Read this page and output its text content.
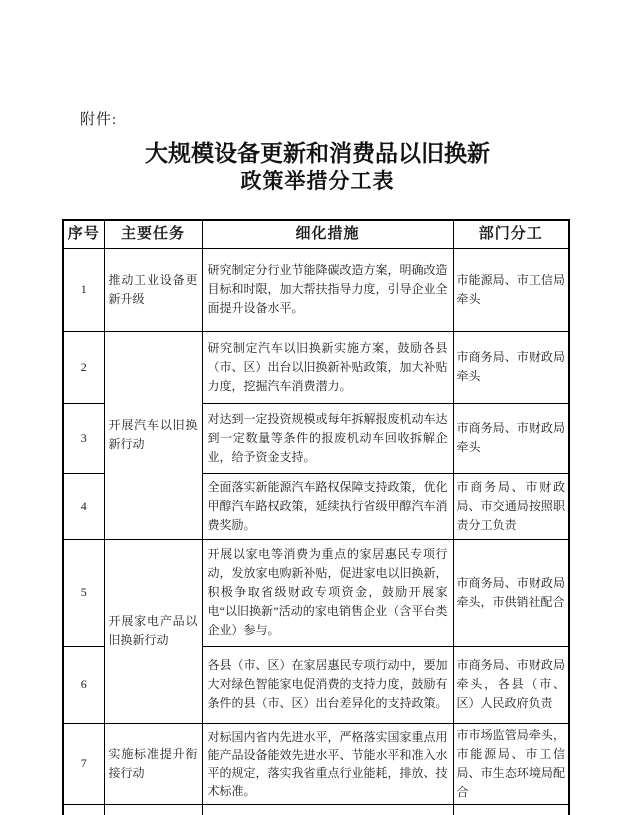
附件:
大规模设备更新和消费品以旧换新
政策举措分工表
序号	主要任务	细化措施	部门分工
1	推动工业设备更新升级	研究制定分行业节能降碳改造方案，明确改造目标和时限，加大帮扶指导力度，引导企业全面提升设备水平。	市能源局、市工信局牵头
2	开展汽车以旧换新行动	研究制定汽车以旧换新实施方案，鼓励各县（市、区）出台以旧换新补贴政策，加大补贴力度，挖掘汽车消费潜力。	市商务局、市财政局牵头
3		对达到一定投资规模或每年拆解报废机动车达到一定数量等条件的报废机动车回收拆解企业，给予资金支持。	市商务局、市财政局牵头
4		全面落实新能源汽车路权保障支持政策，优化甲醇汽车路权政策，延续执行省级甲醇汽车消费奖励。	市商务局、市财政局、市交通局按照职责分工负责
5	开展家电产品以旧换新行动	开展以家电等消费为重点的家居惠民专项行动，发放家电购新补贴，促进家电以旧换新，积极争取省级财政专项资金，鼓励开展家电“以旧换新”活动的家电销售企业（含平台类企业）参与。	市商务局、市财政局牵头，市供销社配合
6		各县（市、区）在家居惠民专项行动中，要加大对绿色智能家电促消费的支持力度，鼓励有条件的县（市、区）出台差异化的支持政策。	市商务局、市财政局牵头，各县（市、区）人民政府负责
7	实施标准提升衔接行动	对标国内省内先进水平，严格落实国家重点用能产品设备能效先进水平、节能水平和准入水平的规定，落实我省重点行业能耗，排放、技术标准。	市市场监管局牵头，市能源局、市工信局、市生态环境局配合
